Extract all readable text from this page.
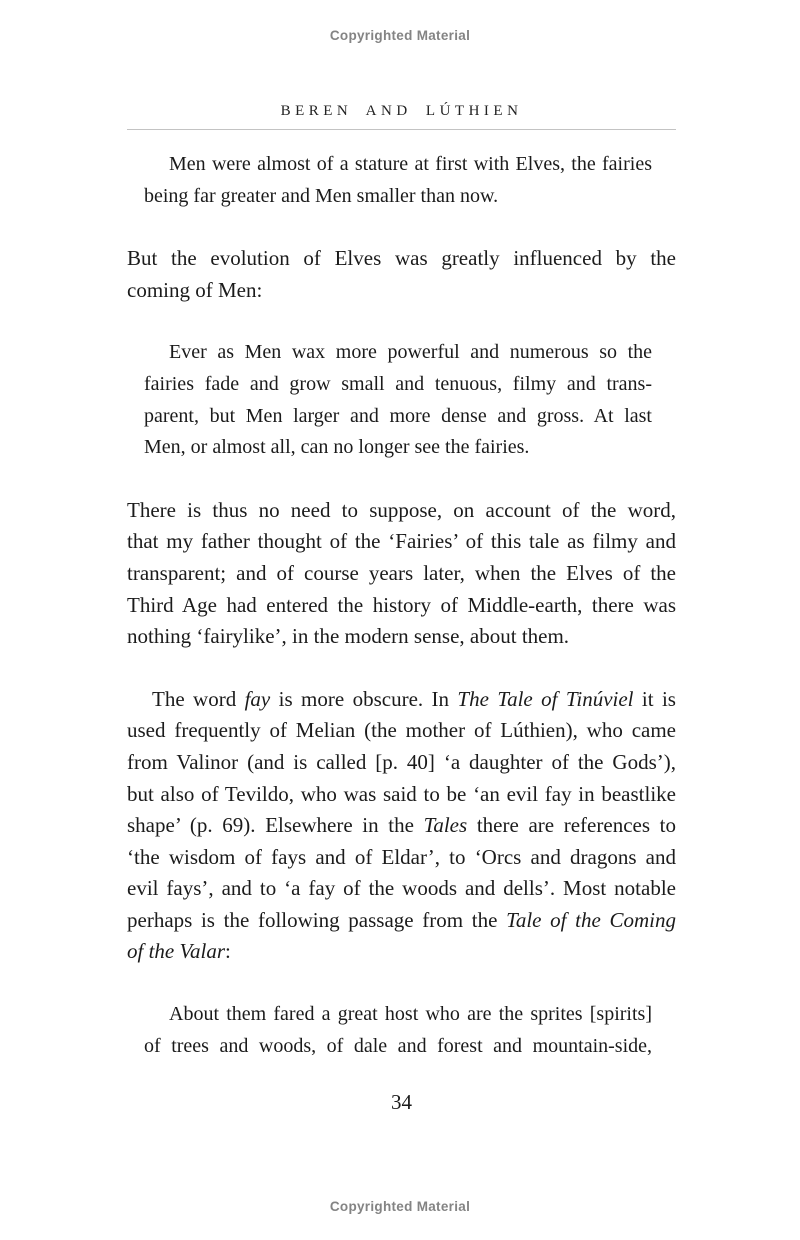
Copyrighted Material
BEREN AND LÚTHIEN
Men were almost of a stature at first with Elves, the fairies
being far greater and Men smaller than now.
But the evolution of Elves was greatly influenced by the
coming of Men:
Ever as Men wax more powerful and numerous so the
fairies fade and grow small and tenuous, filmy and trans-
parent, but Men larger and more dense and gross. At last
Men, or almost all, can no longer see the fairies.
There is thus no need to suppose, on account of the word,
that my father thought of the ‘Fairies’ of this tale as filmy and
transparent; and of course years later, when the Elves of the
Third Age had entered the history of Middle-earth, there was
nothing ‘fairylike’, in the modern sense, about them.
The word fay is more obscure. In The Tale of Tinúviel it is
used frequently of Melian (the mother of Lúthien), who came
from Valinor (and is called [p. 40] ‘a daughter of the Gods’),
but also of Tevildo, who was said to be ‘an evil fay in beastlike
shape’ (p. 69). Elsewhere in the Tales there are references to
‘the wisdom of fays and of Eldar’, to ‘Orcs and dragons and
evil fays’, and to ‘a fay of the woods and dells’. Most notable
perhaps is the following passage from the Tale of the Coming
of the Valar:
About them fared a great host who are the sprites [spirits]
of trees and woods, of dale and forest and mountain-side,
34
Copyrighted Material
